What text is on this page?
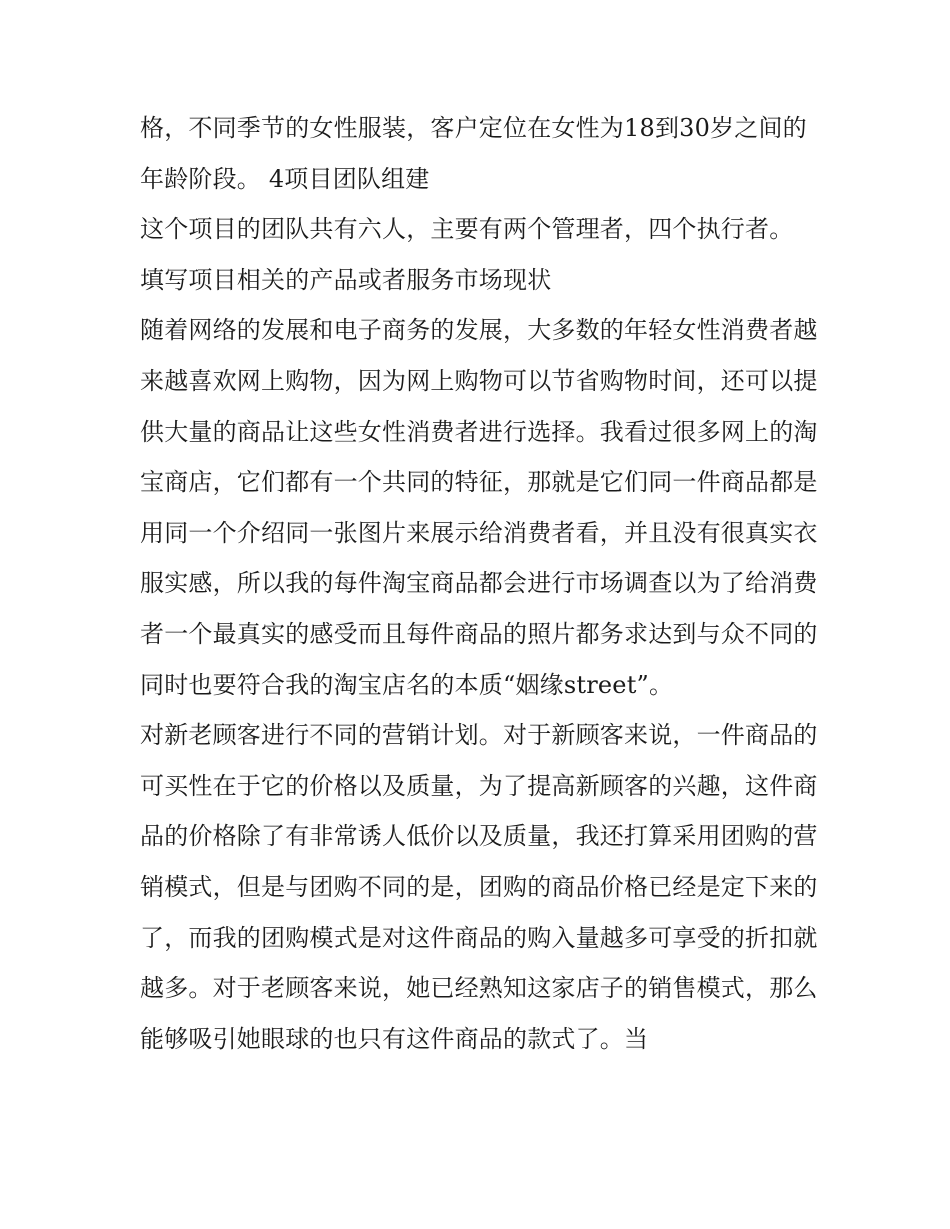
格，不同季节的女性服装，客户定位在女性为18到30岁之间的年龄阶段。 4项目团队组建

这个项目的团队共有六人，主要有两个管理者，四个执行者。

填写项目相关的产品或者服务市场现状

随着网络的发展和电子商务的发展，大多数的年轻女性消费者越来越喜欢网上购物，因为网上购物可以节省购物时间，还可以提供大量的商品让这些女性消费者进行选择。我看过很多网上的淘宝商店，它们都有一个共同的特征，那就是它们同一件商品都是用同一个介绍同一张图片来展示给消费者看，并且没有很真实衣服实感，所以我的每件淘宝商品都会进行市场调查以为了给消费者一个最真实的感受而且每件商品的照片都务求达到与众不同的同时也要符合我的淘宝店名的本质“姻缘street”。

对新老顾客进行不同的营销计划。对于新顾客来说，一件商品的可买性在于它的价格以及质量，为了提高新顾客的兴趣，这件商品的价格除了有非常诱人低价以及质量，我还打算采用团购的营销模式，但是与团购不同的是，团购的商品价格已经是定下来的了，而我的团购模式是对这件商品的购入量越多可享受的折扣就越多。对于老顾客来说，她已经熟知这家店子的销售模式，那么能够吸引她眼球的也只有这件商品的款式了。当
